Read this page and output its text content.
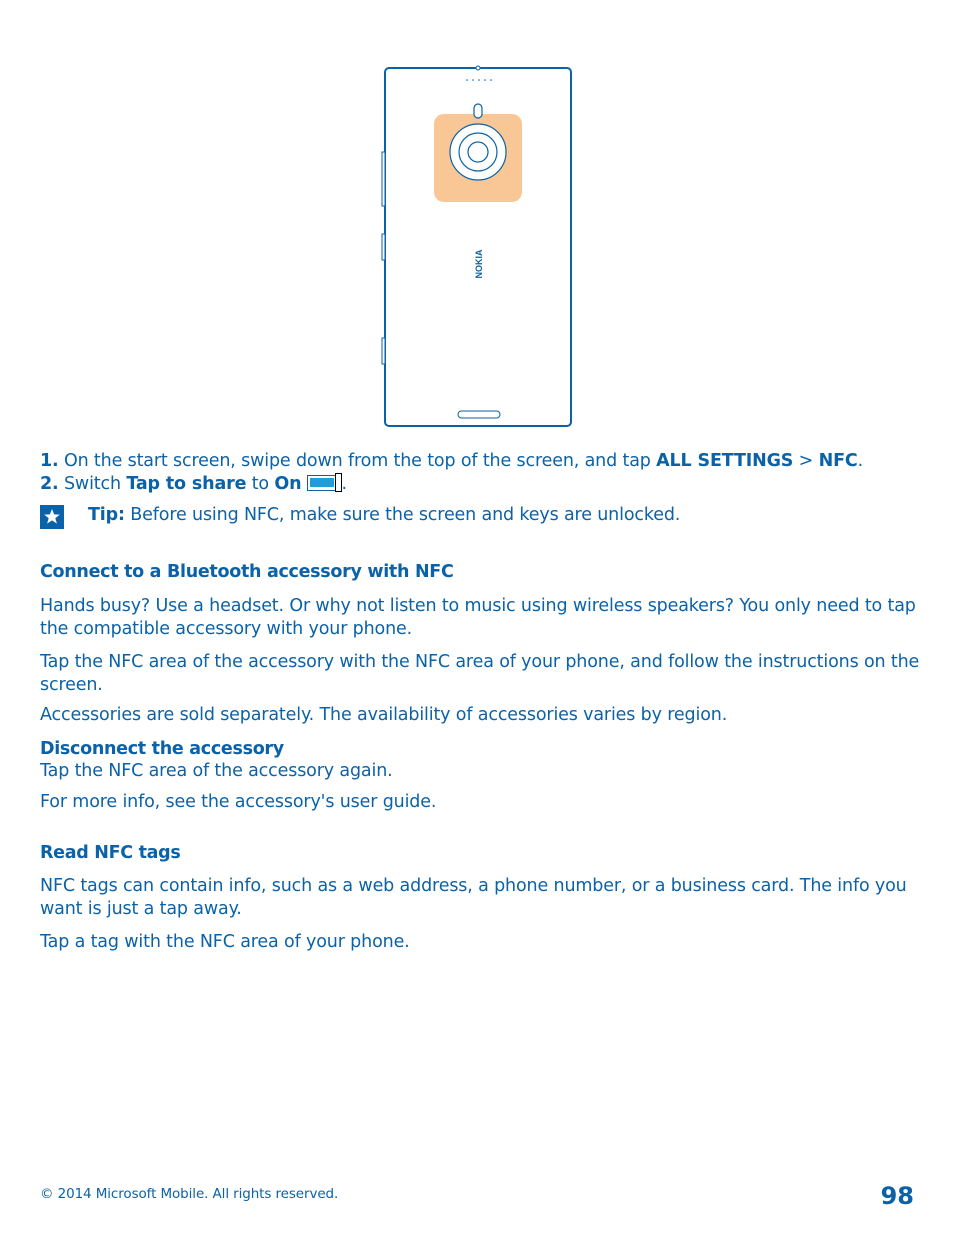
NOKIA
1. On the start screen, swipe down from the top of the screen, and tap ALL SETTINGS > NFC.
2. Switch Tap to share to On .
Tip: Before using NFC, make sure the screen and keys are unlocked.
Connect to a Bluetooth accessory with NFC
Hands busy? Use a headset. Or why not listen to music using wireless speakers? You only need to tap the compatible accessory with your phone.
Tap the NFC area of the accessory with the NFC area of your phone, and follow the instructions on the screen.
Accessories are sold separately. The availability of accessories varies by region.
Disconnect the accessory
Tap the NFC area of the accessory again.
For more info, see the accessory's user guide.
Read NFC tags
NFC tags can contain info, such as a web address, a phone number, or a business card. The info you want is just a tap away.
Tap a tag with the NFC area of your phone.
© 2014 Microsoft Mobile. All rights reserved.	98
